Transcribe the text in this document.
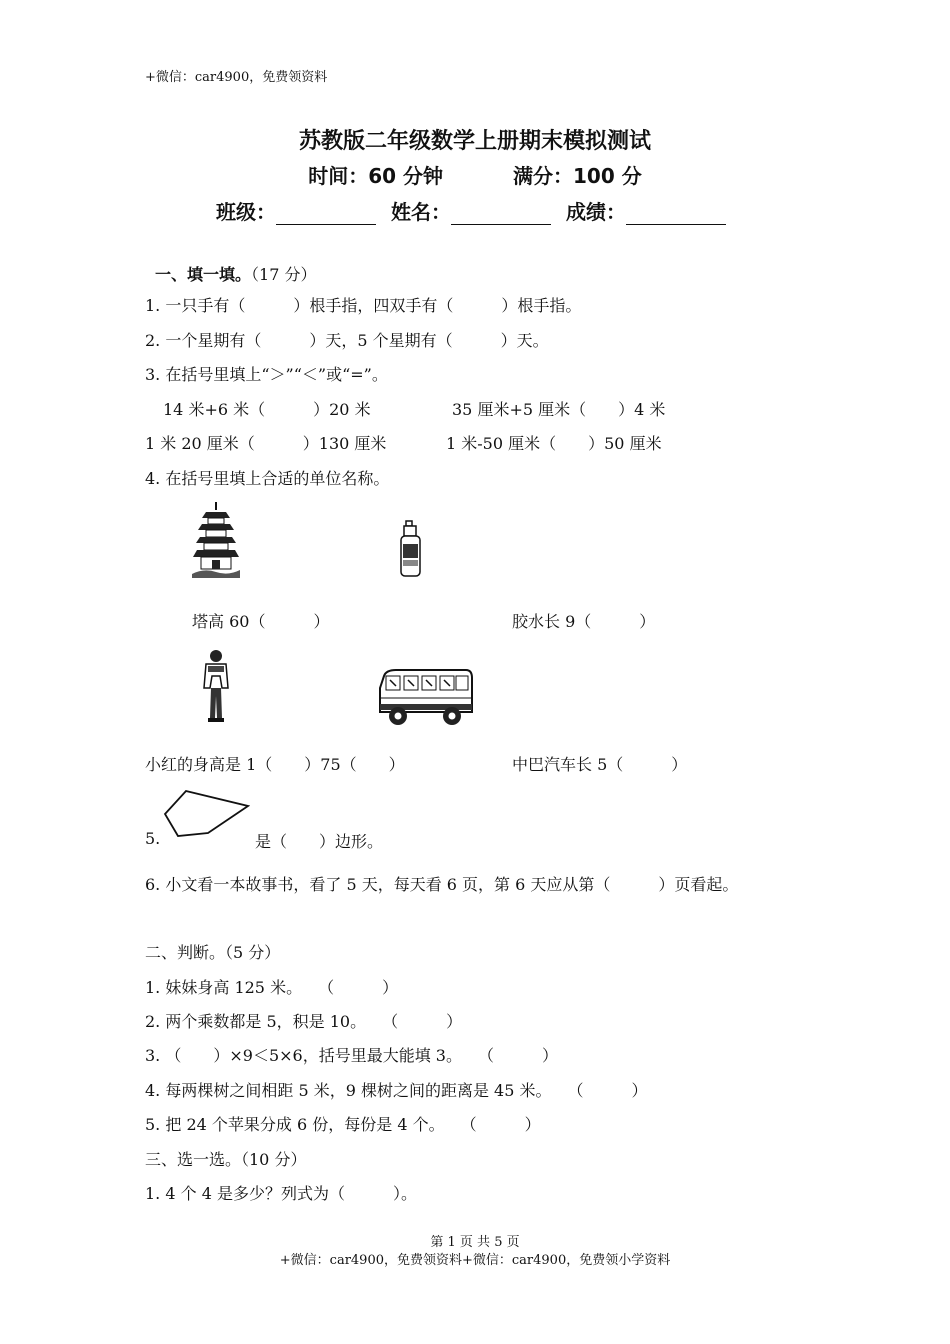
+微信：car4900，免费领资料
苏教版二年级数学上册期末模拟测试
时间：60 分钟	满分：100 分
班级：	姓名：	成绩：
一、填一填。（17 分）
1. 一只手有（　　　）根手指，四双手有（　　　）根手指。
2. 一个星期有（　　　）天，5 个星期有（　　　）天。
3. 在括号里填上“＞”“＜”或“=”。
14 米+6 米（　　　）20 米	35 厘米+5 厘米（　　）4 米
1 米 20 厘米（　　　）130 厘米	1 米-50 厘米（　　）50 厘米
4. 在括号里填上合适的单位名称。
塔高 60（　　　）	胶水长 9（　　　）
小红的身高是 1（　　）75（　　）	中巴汽车长 5（　　　）
5.	是（　　）边形。
6. 小文看一本故事书，看了 5 天，每天看 6 页，第 6 天应从第（　　　）页看起。
二、判断。（5 分）
1. 妹妹身高 125 米。　　（　　　）
2. 两个乘数都是 5，积是 10。　　（　　　）
3. （　　）×9＜5×6，括号里最大能填 3。　　（　　　）
4. 每两棵树之间相距 5 米，9 棵树之间的距离是 45 米。　　（　　　）
5. 把 24 个苹果分成 6 份，每份是 4 个。　　（　　　）
三、选一选。（10 分）
1. 4 个 4 是多少？列式为（　　　）。
第 1 页 共 5 页
+微信：car4900，免费领资料+微信：car4900，免费领小学资料
